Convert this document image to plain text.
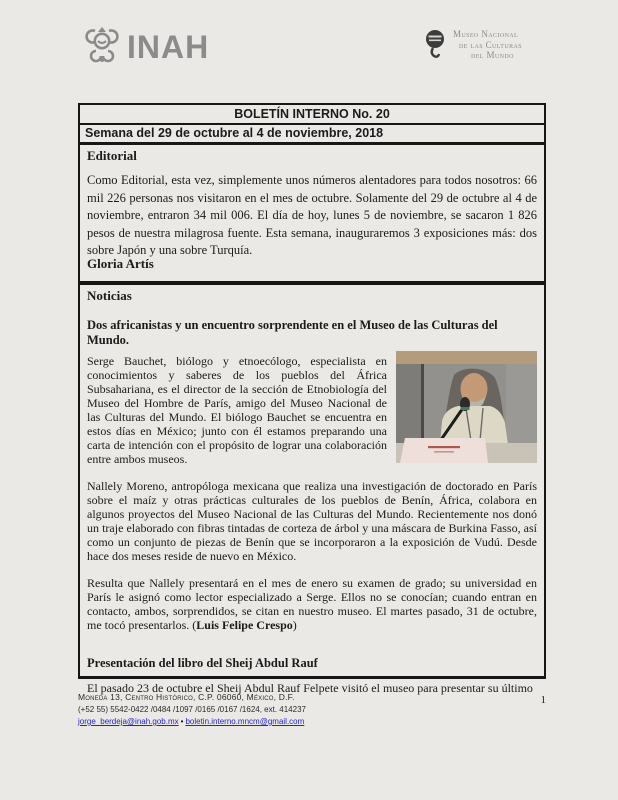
INAH	Museo Nacional
de las Culturas
del Mundo
BOLETÍN INTERNO No. 20
Semana del 29 de octubre al 4 de noviembre, 2018
Editorial

Como Editorial, esta vez, simplemente unos números alentadores para todos nosotros: 66 mil 226 personas nos visitaron en el mes de octubre. Solamente del 29 de octubre al 4 de noviembre, entraron 34 mil 006. El día de hoy, lunes 5 de noviembre, se sacaron 1 826 pesos de nuestra milagrosa fuente. Esta semana, inauguraremos 3 exposiciones más: dos sobre Japón y una sobre Turquía.

Gloria Artís
Noticias
Dos africanistas y un encuentro sorprendente en el Museo de las Culturas del Mundo.

Serge Bauchet, biólogo y etnoecólogo, especialista en conocimientos y saberes de los pueblos del África Subsahariana, es el director de la sección de Etnobiología del Museo del Hombre de París, amigo del Museo Nacional de las Culturas del Mundo. El biólogo Bauchet se encuentra en estos días en México; junto con él estamos preparando una carta de intención con el propósito de lograr una colaboración entre ambos museos.

Nallely Moreno, antropóloga mexicana que realiza una investigación de doctorado en París sobre el maíz y otras prácticas culturales de los pueblos de Benín, África, colabora en algunos proyectos del Museo Nacional de las Culturas del Mundo. Recientemente nos donó un traje elaborado con fibras tintadas de corteza de árbol y una máscara de Burkina Fasso, así como un conjunto de piezas de Benín que se incorporaron a la exposición de Vudú. Desde hace dos meses reside de nuevo en México.

Resulta que Nallely presentará en el mes de enero su examen de grado; su universidad en París le asignó como lector especializado a Serge. Ellos no se conocían; cuando entran en contacto, ambos, sorprendidos, se citan en nuestro museo. El martes pasado, 31 de octubre, me tocó presentarlos. (Luis Felipe Crespo)

Presentación del libro del Sheij Abdul Rauf

El pasado 23 de octubre el Sheij Abdul Rauf Felpete visitó el museo para presentar su último

Moneda 13, Centro Histórico, C.P. 06060, México, D.F.
(+52 55) 5542-0422 /0484 /1097 /0165 /0167 /1624, ext. 414237
jorge_berdeja@inah.gob.mx • boletin.interno.mncm@gmail.com
1
